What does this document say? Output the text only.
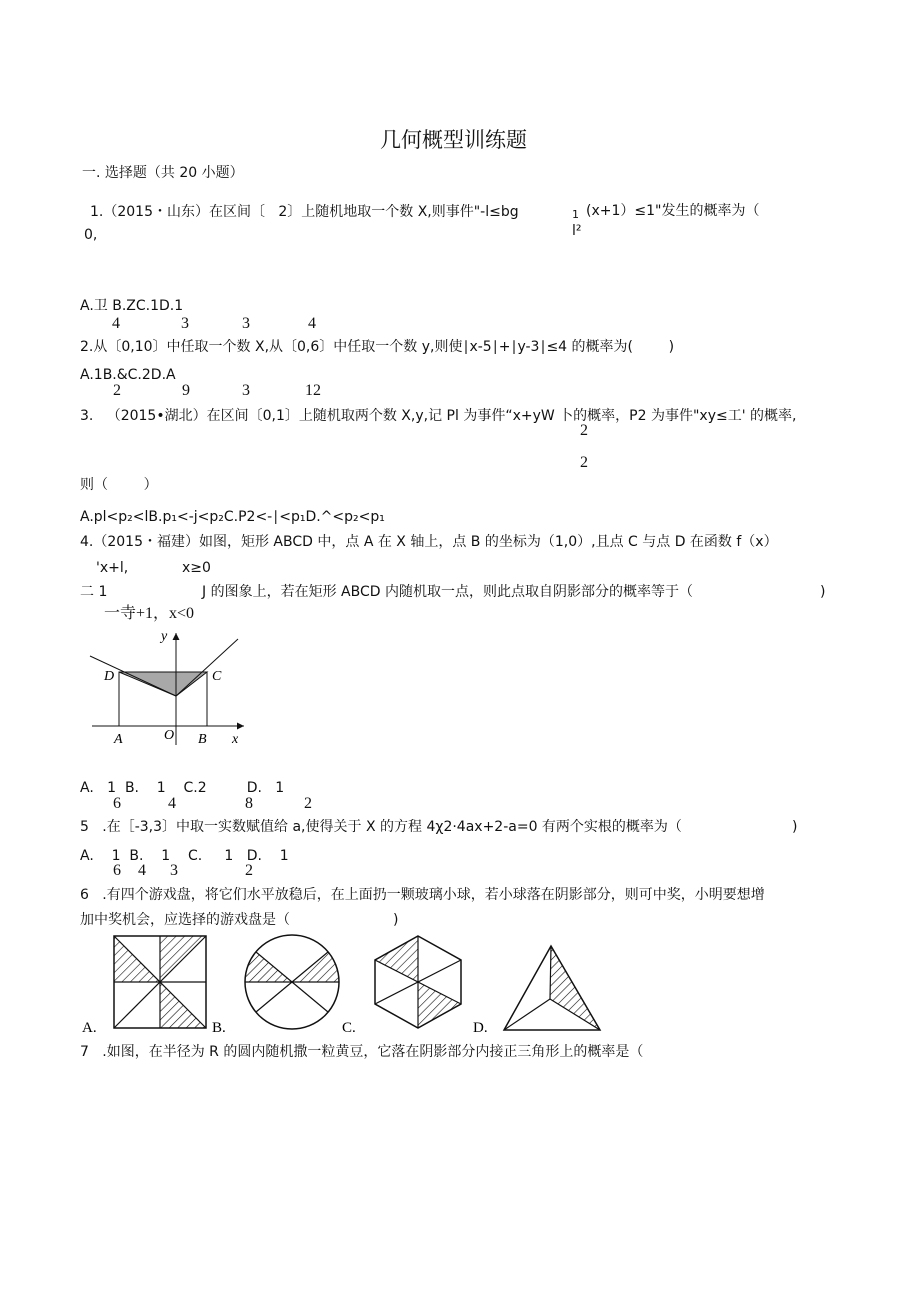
几何概型训练题
一. 选择题（共 20 小题）
1.（2015・山东）在区间〔   2〕上随机地取一个数 X,则事件"-l≤bg	1 (x+1）≤1"发生的概率为（
0,	l²
A.卫 B.ZC.1D.1
4	3	3	4
2.从〔0,10〕中任取一个数 X,从〔0,6〕中任取一个数 y,则使∣x-5∣+∣y-3∣≤4 的概率为(        )
A.1B.&C.2D.A
2	9	3	12
3.   （2015•湖北）在区间〔0,1〕上随机取两个数 X,y,记 Pl 为事件“x+yW 卜的概率，P2 为事件"xy≤工' 的概率,
2
2
则（        ）
A.pl<p₂<lB.p₁<-j<p₂C.P2<-∣<p₁D.^<p₂<p₁
4.（2015・福建）如图，矩形 ABCD 中，点 A 在 X 轴上，点 B 的坐标为（1,0）,且点 C 与点 D 在函数 f（x）
'x+l,	x≥0
二 1	J 的图象上，若在矩形 ABCD 内随机取一点，则此点取自阴影部分的概率等于（	)
一寺+1，x<0
y
D	C
A	O B x
A.   1  B.    1    C.2         D.   1
6	4	8	2
5   .在［-3,3〕中取一实数赋值给 a,使得关于 X 的方程 4χ2·4ax+2-a=0 有两个实根的概率为（	)
A.    1  B.    1    C.     1   D.    1
6 4 3	2
6   .有四个游戏盘，将它们水平放稳后，在上面扔一颗玻璃小球，若小球落在阴影部分，则可中奖，小明要想增
加中奖机会，应选择的游戏盘是（	)
A.	B.	C.	D.
7   .如图，在半径为 R 的圆内随机撒一粒黄豆，它落在阴影部分内接正三角形上的概率是（
